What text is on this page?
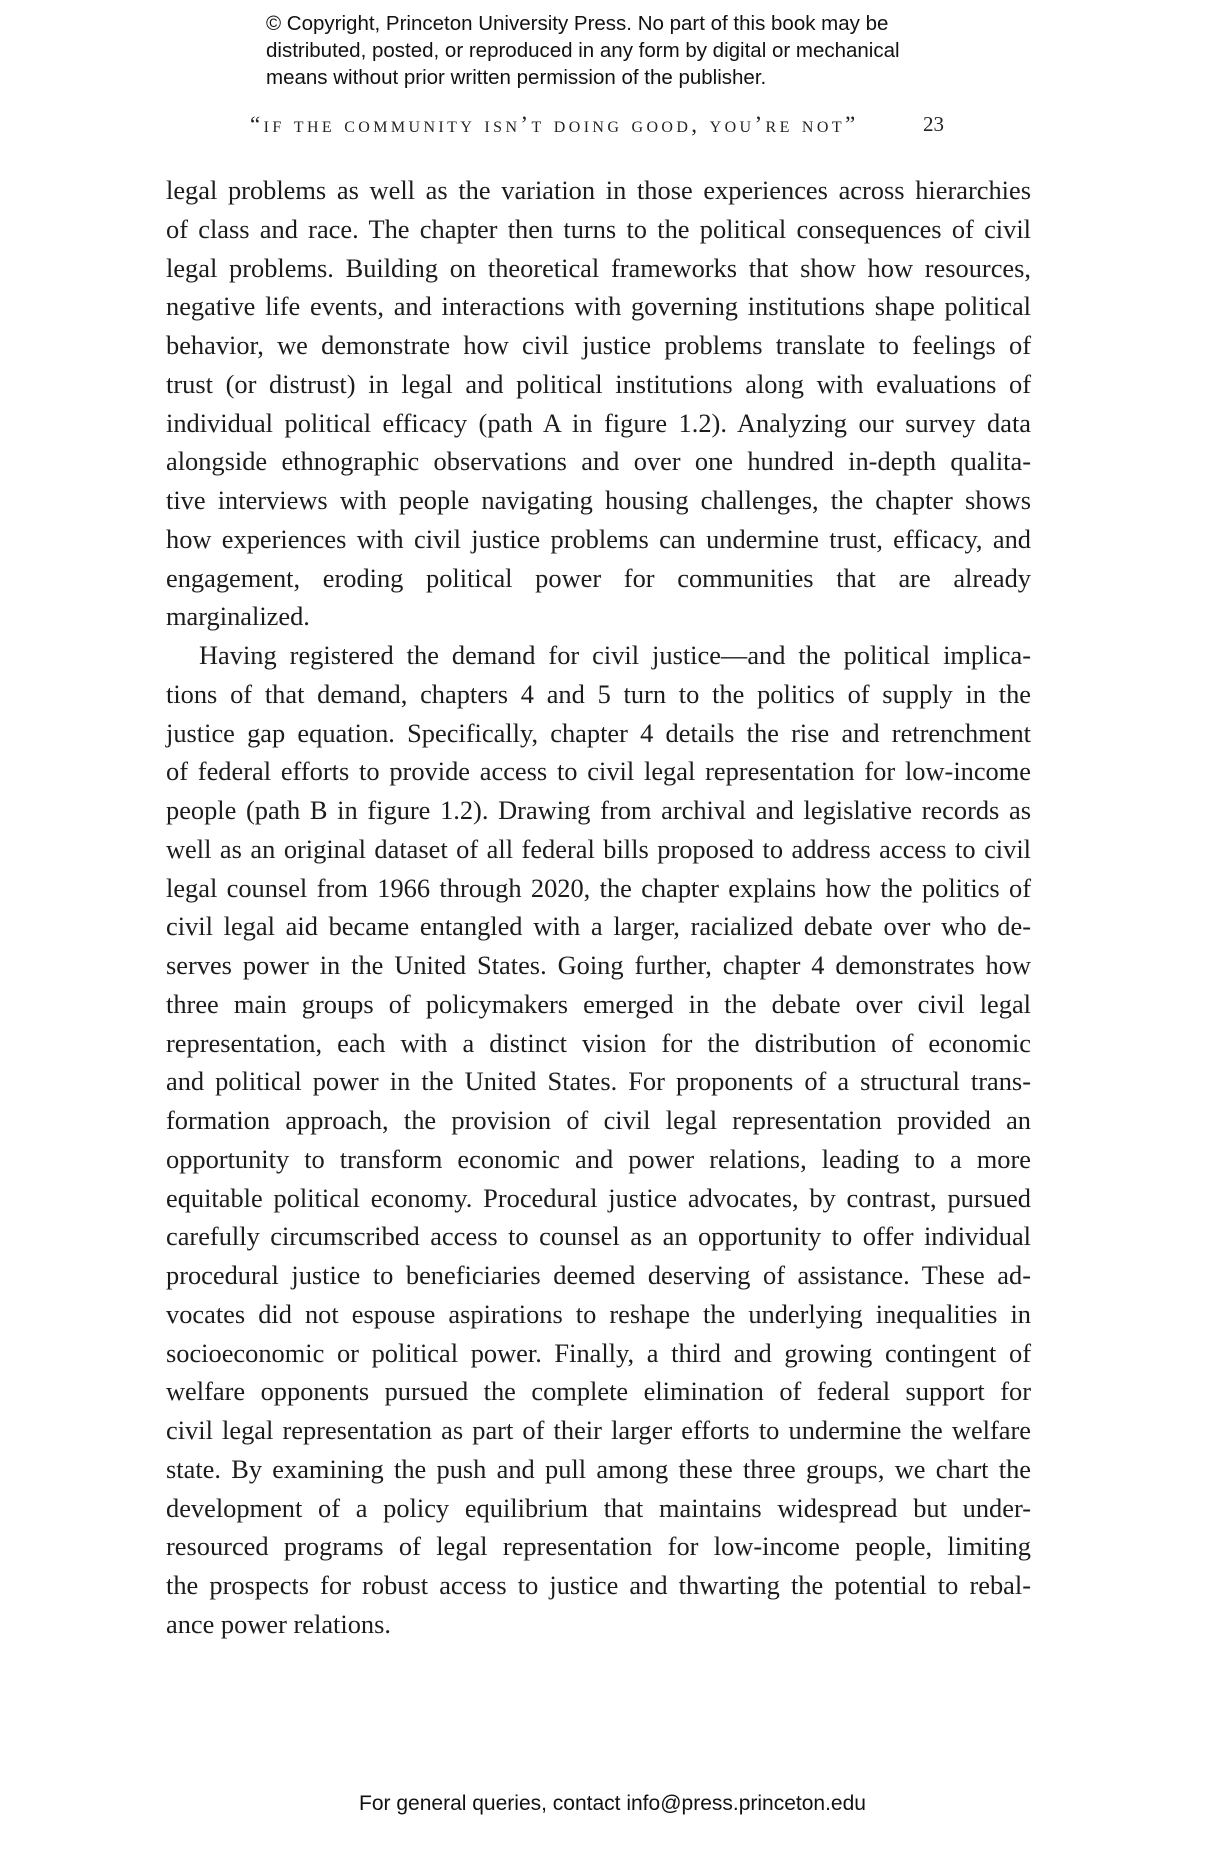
© Copyright, Princeton University Press. No part of this book may be
distributed, posted, or reproduced in any form by digital or mechanical
means without prior written permission of the publisher.
“if the community isn’t doing good, you’re not”	23
legal problems as well as the variation in those experiences across hierarchies
of class and race. The chapter then turns to the political consequences of civil
legal problems. Building on theoretical frameworks that show how resources,
negative life events, and interactions with governing institutions shape political
behavior, we demonstrate how civil justice problems translate to feelings of
trust (or distrust) in legal and political institutions along with evaluations of
individual political efficacy (path A in figure 1.2). Analyzing our survey data
alongside ethnographic observations and over one hundred in-depth qualita-
tive interviews with people navigating housing challenges, the chapter shows
how experiences with civil justice problems can undermine trust, efficacy, and
engagement, eroding political power for communities that are already
marginalized.
Having registered the demand for civil justice—and the political implica-
tions of that demand, chapters 4 and 5 turn to the politics of supply in the
justice gap equation. Specifically, chapter 4 details the rise and retrenchment
of federal efforts to provide access to civil legal representation for low-income
people (path B in figure 1.2). Drawing from archival and legislative records as
well as an original dataset of all federal bills proposed to address access to civil
legal counsel from 1966 through 2020, the chapter explains how the politics of
civil legal aid became entangled with a larger, racialized debate over who de-
serves power in the United States. Going further, chapter 4 demonstrates how
three main groups of policymakers emerged in the debate over civil legal
representation, each with a distinct vision for the distribution of economic
and political power in the United States. For proponents of a structural trans-
formation approach, the provision of civil legal representation provided an
opportunity to transform economic and power relations, leading to a more
equitable political economy. Procedural justice advocates, by contrast, pursued
carefully circumscribed access to counsel as an opportunity to offer individual
procedural justice to beneficiaries deemed deserving of assistance. These ad-
vocates did not espouse aspirations to reshape the underlying inequalities in
socioeconomic or political power. Finally, a third and growing contingent of
welfare opponents pursued the complete elimination of federal support for
civil legal representation as part of their larger efforts to undermine the welfare
state. By examining the push and pull among these three groups, we chart the
development of a policy equilibrium that maintains widespread but under-
resourced programs of legal representation for low-income people, limiting
the prospects for robust access to justice and thwarting the potential to rebal-
ance power relations.
For general queries, contact info@press.princeton.edu
